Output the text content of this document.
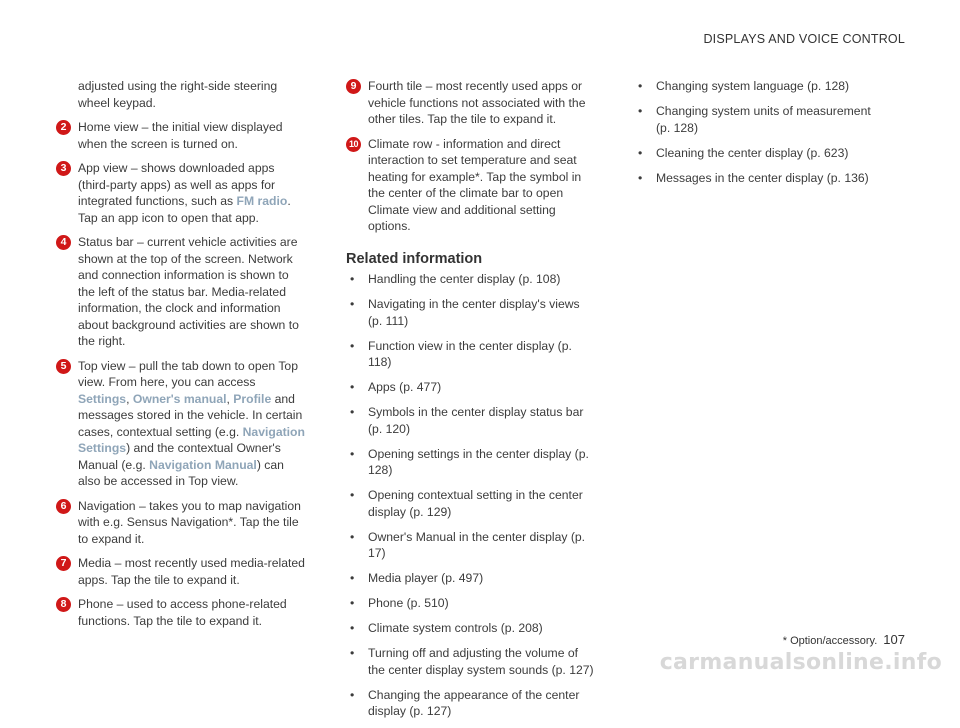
DISPLAYS AND VOICE CONTROL
adjusted using the right-side steering wheel keypad.
2 Home view – the initial view displayed when the screen is turned on.
3 App view – shows downloaded apps (third-party apps) as well as apps for integrated functions, such as FM radio. Tap an app icon to open that app.
4 Status bar – current vehicle activities are shown at the top of the screen. Network and connection information is shown to the left of the status bar. Media-related information, the clock and information about background activities are shown to the right.
5 Top view – pull the tab down to open Top view. From here, you can access Settings, Owner's manual, Profile and messages stored in the vehicle. In certain cases, contextual setting (e.g. Navigation Settings) and the contextual Owner's Manual (e.g. Navigation Manual) can also be accessed in Top view.
6 Navigation – takes you to map navigation with e.g. Sensus Navigation*. Tap the tile to expand it.
7 Media – most recently used media-related apps. Tap the tile to expand it.
8 Phone – used to access phone-related functions. Tap the tile to expand it.
9 Fourth tile – most recently used apps or vehicle functions not associated with the other tiles. Tap the tile to expand it.
10 Climate row - information and direct interaction to set temperature and seat heating for example*. Tap the symbol in the center of the climate bar to open Climate view and additional setting options.
Related information
• Handling the center display (p. 108)
• Navigating in the center display's views (p. 111)
• Function view in the center display (p. 118)
• Apps (p. 477)
• Symbols in the center display status bar (p. 120)
• Opening settings in the center display (p. 128)
• Opening contextual setting in the center display (p. 129)
• Owner's Manual in the center display (p. 17)
• Media player (p. 497)
• Phone (p. 510)
• Climate system controls (p. 208)
• Turning off and adjusting the volume of the center display system sounds (p. 127)
• Changing the appearance of the center display (p. 127)
• Changing system language (p. 128)
• Changing system units of measurement (p. 128)
• Cleaning the center display (p. 623)
• Messages in the center display (p. 136)
* Option/accessory. 107
carmanualsonline.info
